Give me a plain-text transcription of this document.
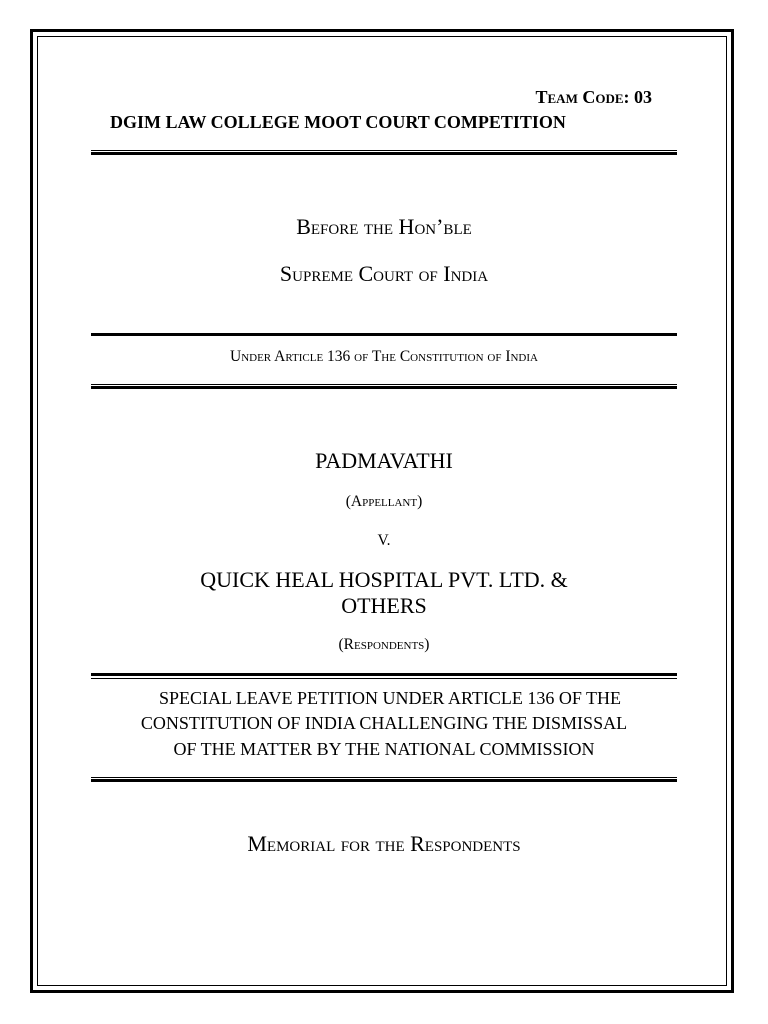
Team Code: 03
DGIM LAW COLLEGE MOOT COURT COMPETITION
Before the Hon’ble
Supreme Court of India
Under Article 136 of The Constitution of India
PADMAVATHI
(Appellant)
V.
QUICK HEAL HOSPITAL PVT. LTD. &
OTHERS
(Respondents)
SPECIAL LEAVE PETITION UNDER ARTICLE 136 OF THE
CONSTITUTION OF INDIA CHALLENGING THE DISMISSAL
OF THE MATTER BY THE NATIONAL COMMISSION
Memorial for the Respondents
